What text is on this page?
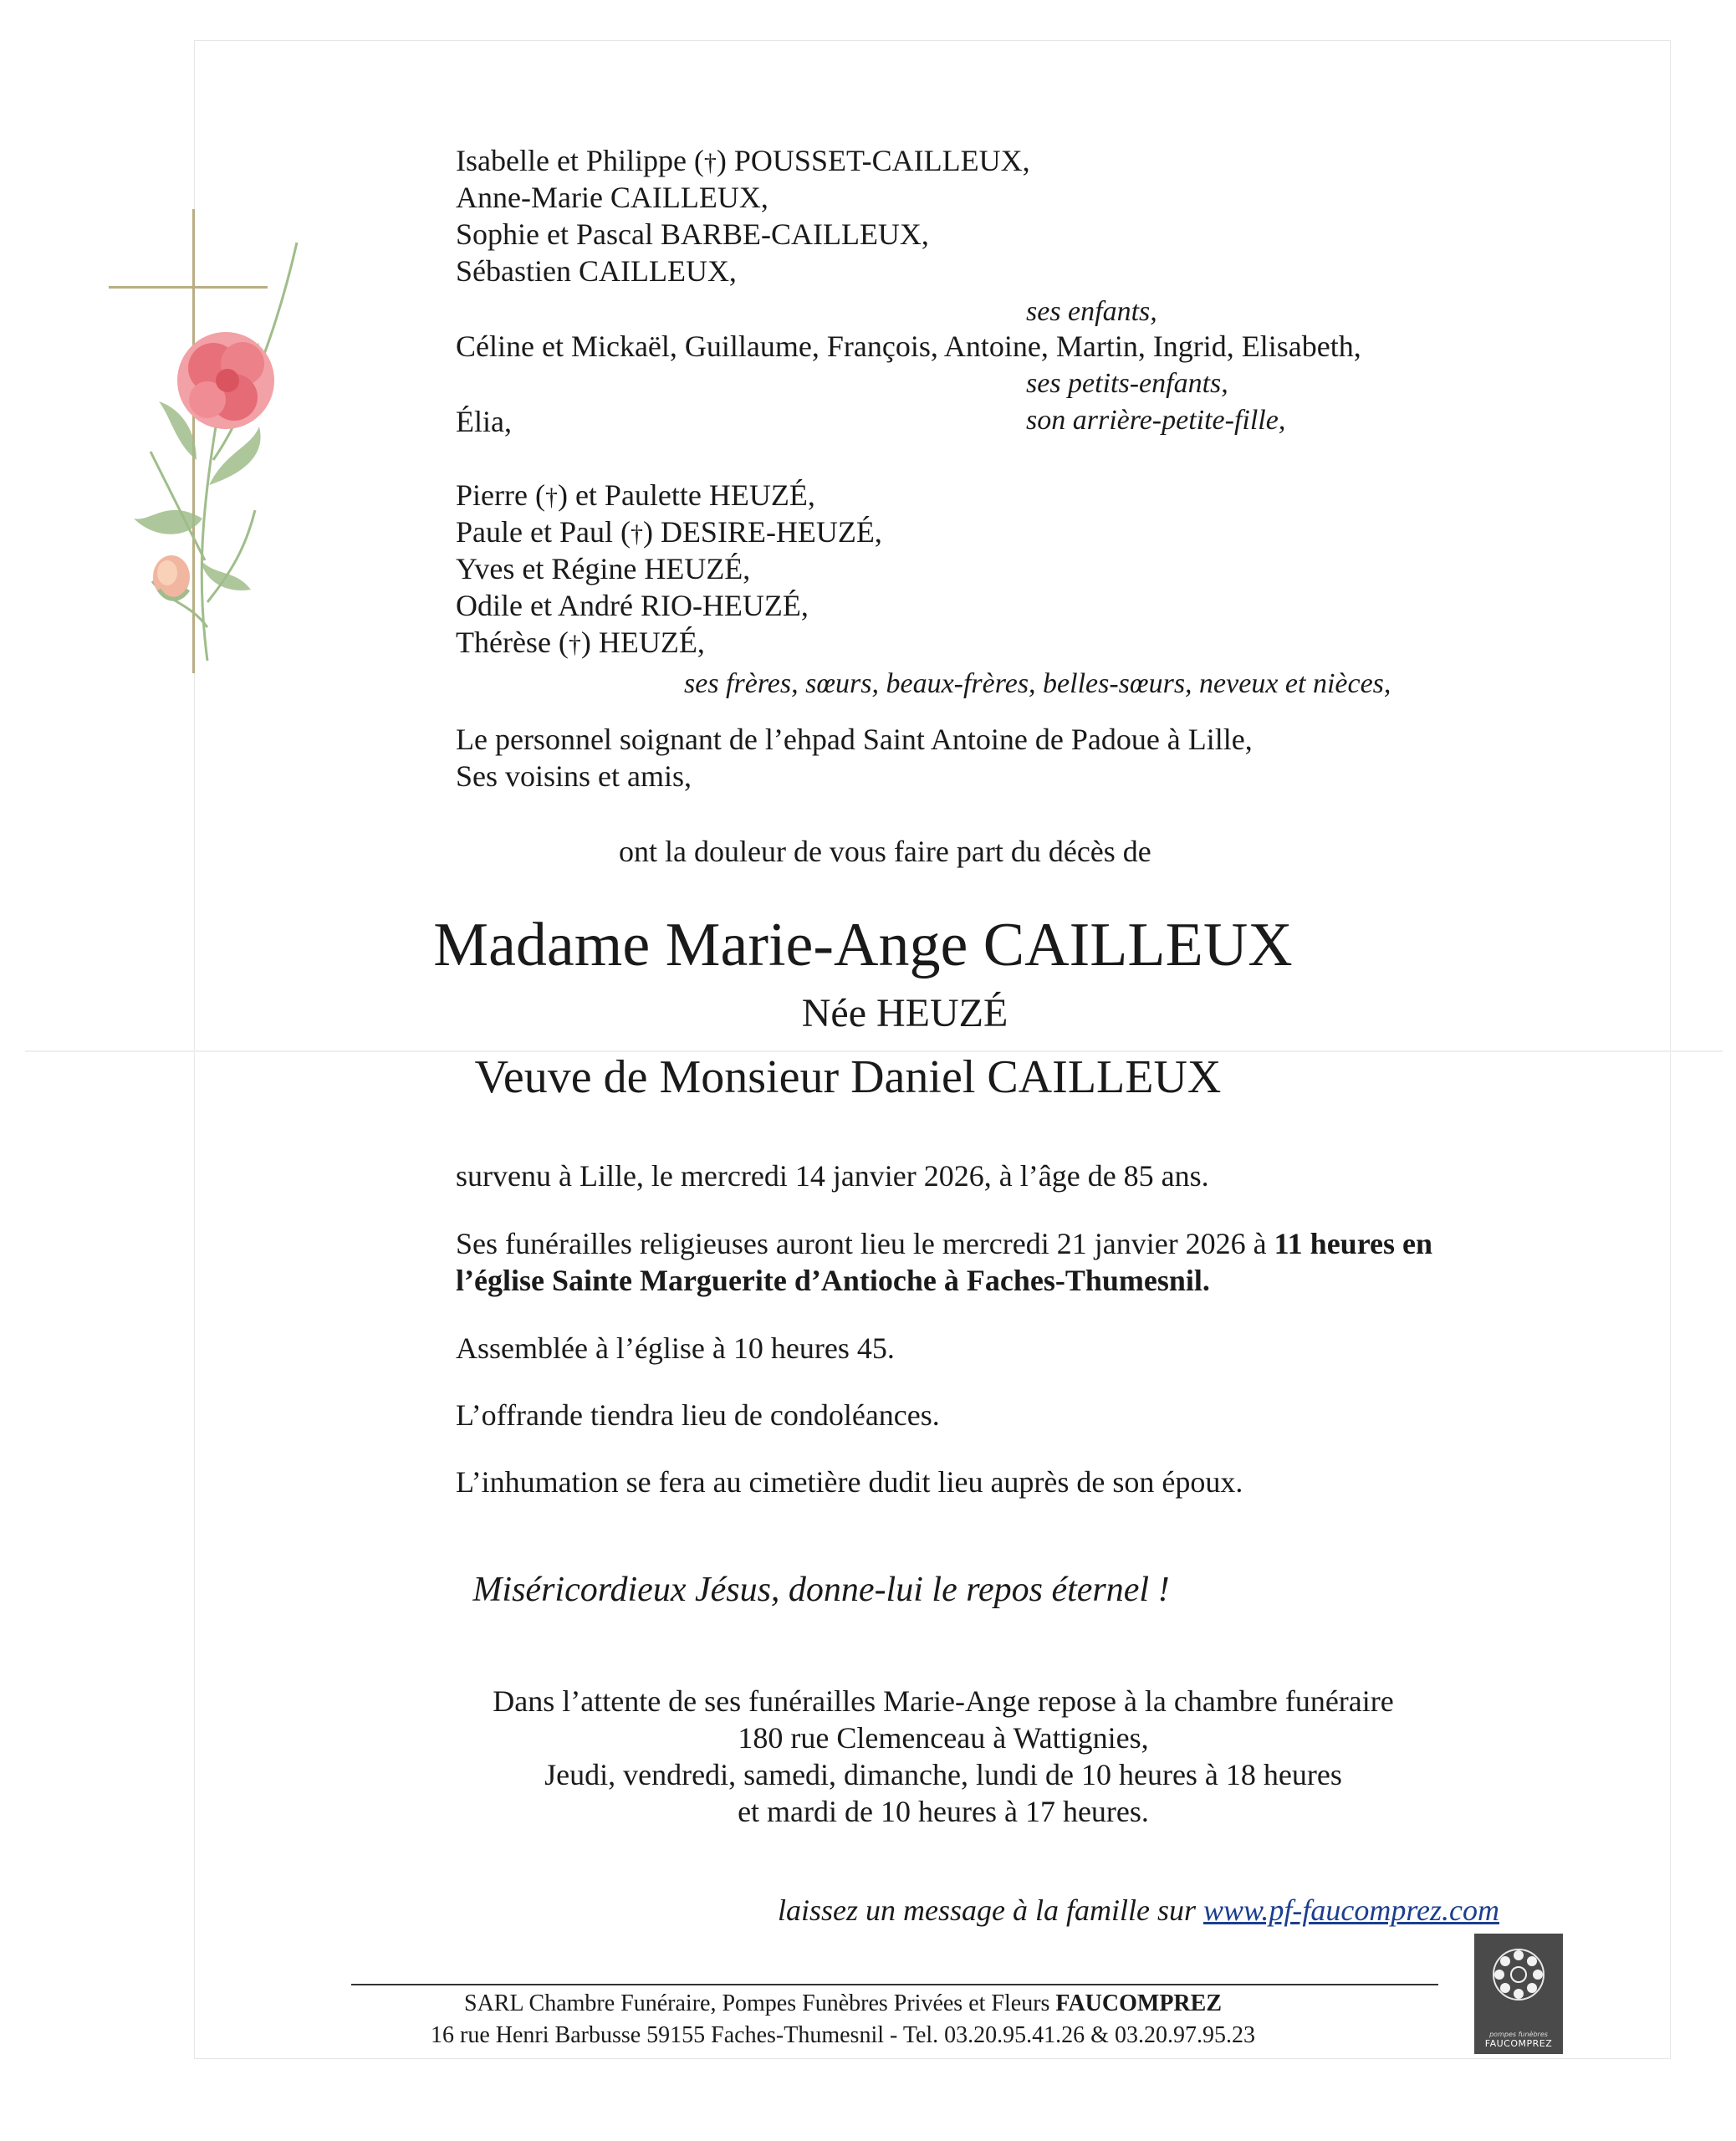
Isabelle et Philippe (†) POUSSET-CAILLEUX,
Anne-Marie CAILLEUX,
Sophie et Pascal BARBE-CAILLEUX,
Sébastien CAILLEUX,
ses enfants,
Céline et Mickaël, Guillaume, François, Antoine, Martin, Ingrid, Elisabeth,
ses petits-enfants,
Élia,	son arrière-petite-fille,
Pierre (†) et Paulette HEUZÉ,
Paule et Paul (†) DESIRE-HEUZÉ,
Yves et Régine HEUZÉ,
Odile et André RIO-HEUZÉ,
Thérèse (†) HEUZÉ,
ses frères, sœurs, beaux-frères, belles-sœurs, neveux et nièces,
Le personnel soignant de l’ehpad Saint Antoine de Padoue à Lille,
Ses voisins et amis,
ont la douleur de vous faire part du décès de
Madame Marie-Ange CAILLEUX
Née HEUZÉ
Veuve de Monsieur Daniel CAILLEUX
survenu à Lille, le mercredi 14 janvier 2026, à l’âge de 85 ans.
Ses funérailles religieuses auront lieu le mercredi 21 janvier 2026 à 11 heures en
l’église Sainte Marguerite d’Antioche à Faches-Thumesnil.
Assemblée à l’église à 10 heures 45.
L’offrande tiendra lieu de condoléances.
L’inhumation se fera au cimetière dudit lieu auprès de son époux.
Miséricordieux Jésus, donne-lui le repos éternel !
Dans l’attente de ses funérailles Marie-Ange repose à la chambre funéraire
180 rue Clemenceau à Wattignies,
Jeudi, vendredi, samedi, dimanche, lundi de 10 heures à 18 heures
et mardi de 10 heures à 17 heures.
laissez un message à la famille sur www.pf-faucomprez.com
SARL Chambre Funéraire, Pompes Funèbres Privées et Fleurs FAUCOMPREZ
16 rue Henri Barbusse 59155 Faches-Thumesnil - Tel. 03.20.95.41.26 & 03.20.97.95.23	pompes funèbres
FAUCOMPREZ
